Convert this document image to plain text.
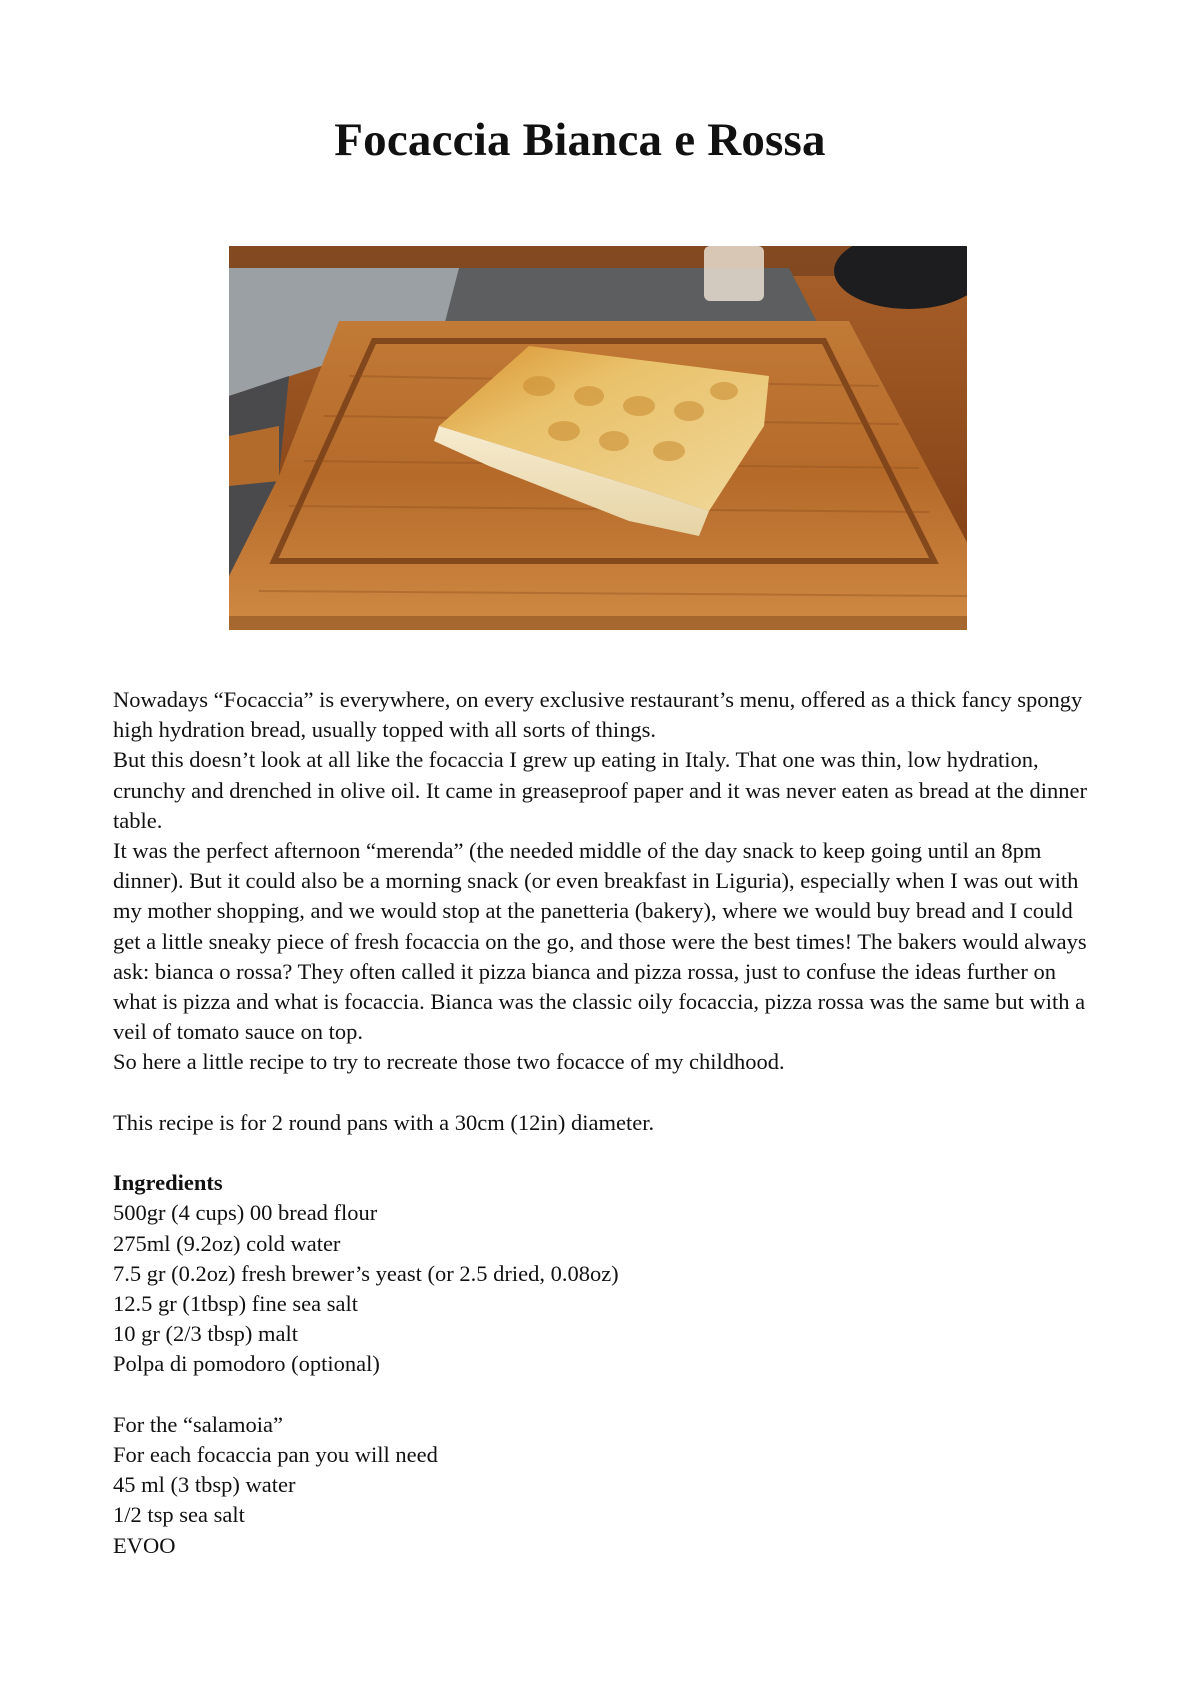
Focaccia Bianca e Rossa

Nowadays “Focaccia” is everywhere, on every exclusive restaurant’s menu, offered as a thick fancy spongy high hydration bread, usually topped with all sorts of things.

But this doesn’t look at all like the focaccia I grew up eating in Italy. That one was thin, low hydration, crunchy and drenched in olive oil. It came in greaseproof paper and it was never eaten as bread at the dinner table.

It was the perfect afternoon “merenda” (the needed middle of the day snack to keep going until an 8pm dinner). But it could also be a morning snack (or even breakfast in Liguria), especially when I was out with my mother shopping, and we would stop at the panetteria (bakery), where we would buy bread and I could get a little sneaky piece of fresh focaccia on the go, and those were the best times! The bakers would always ask: bianca o rossa? They often called it pizza bianca and pizza rossa, just to confuse the ideas further on what is pizza and what is focaccia. Bianca was the classic oily focaccia, pizza rossa was the same but with a veil of tomato sauce on top.

So here a little recipe to try to recreate those two focacce of my childhood.

This recipe is for 2 round pans with a 30cm (12in) diameter.

Ingredients

500gr (4 cups) 00 bread flour

275ml (9.2oz) cold water

7.5 gr (0.2oz) fresh brewer’s yeast (or 2.5 dried, 0.08oz)

12.5 gr (1tbsp) fine sea salt

10 gr (2/3 tbsp) malt

Polpa di pomodoro (optional)

For the “salamoia”

For each focaccia pan you will need

45 ml (3 tbsp) water

1/2 tsp sea salt

EVOO
